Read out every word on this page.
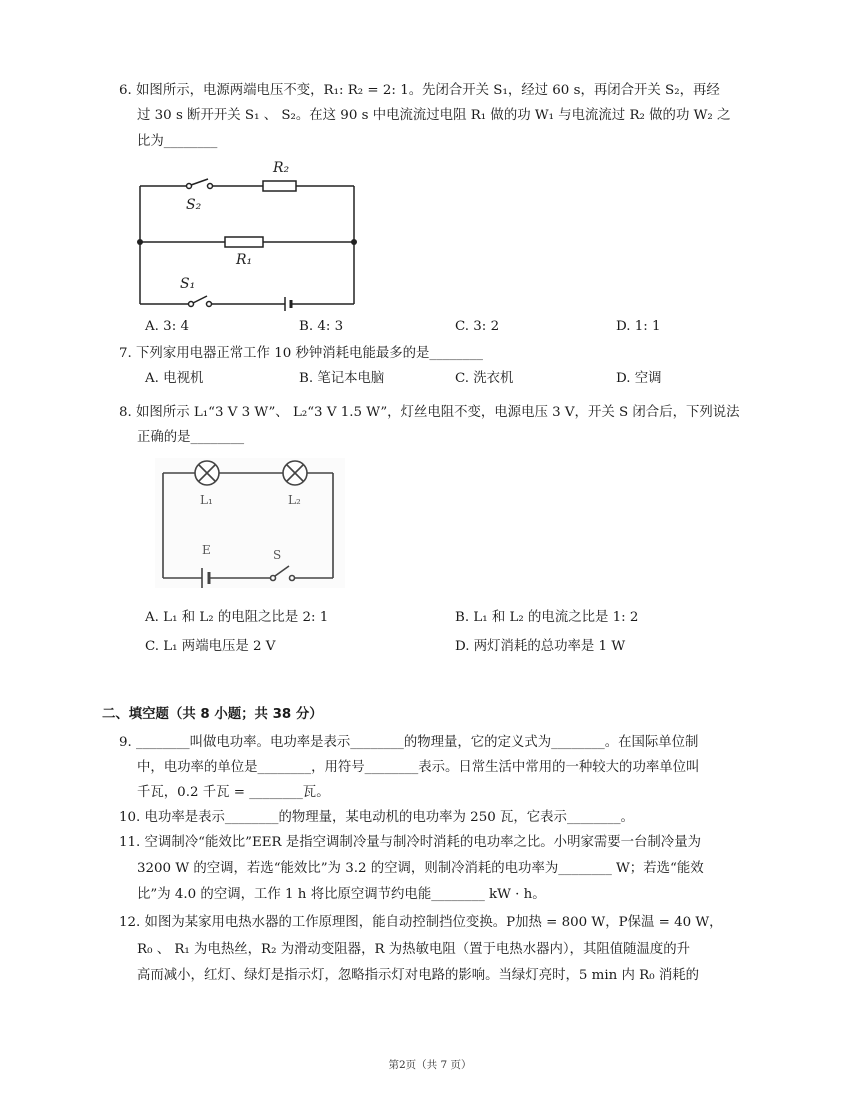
6. 如图所示，电源两端电压不变，R₁: R₂ = 2: 1。先闭合开关 S₁，经过 60 s，再闭合开关 S₂，再经
过 30 s 断开开关 S₁ 、 S₂。在这 90 s 中电流流过电阻 R₁ 做的功 W₁ 与电流流过 R₂ 做的功 W₂ 之
比为________
R₂
S₂
R₁
S₁
A. 3: 4	B. 4: 3	C. 3: 2	D. 1: 1
7. 下列家用电器正常工作 10 秒钟消耗电能最多的是________
A. 电视机	B. 笔记本电脑	C. 洗衣机	D. 空调
8. 如图所示 L₁“3 V 3 W”、 L₂“3 V 1.5 W”，灯丝电阻不变，电源电压 3 V，开关 S 闭合后，下列说法
正确的是________
L₁	L₂
E	S
A. L₁ 和 L₂ 的电阻之比是 2: 1	B. L₁ 和 L₂ 的电流之比是 1: 2
C. L₁ 两端电压是 2 V	D. 两灯消耗的总功率是 1 W
二、填空题（共 8 小题；共 38 分）
9. ________叫做电功率。电功率是表示________的物理量，它的定义式为________。在国际单位制
中，电功率的单位是________，用符号________表示。日常生活中常用的一种较大的功率单位叫
千瓦，0.2 千瓦 = ________瓦。
10. 电功率是表示________的物理量，某电动机的电功率为 250 瓦，它表示________。
11. 空调制冷“能效比”EER 是指空调制冷量与制冷时消耗的电功率之比。小明家需要一台制冷量为
3200 W 的空调，若选“能效比”为 3.2 的空调，则制冷消耗的电功率为________ W；若选“能效
比”为 4.0 的空调，工作 1 h 将比原空调节约电能________ kW · h。
12. 如图为某家用电热水器的工作原理图，能自动控制挡位变换。P加热 = 800 W，P保温 = 40 W，
R₀ 、 R₁ 为电热丝，R₂ 为滑动变阻器，R 为热敏电阻（置于电热水器内），其阻值随温度的升
高而减小，红灯、绿灯是指示灯，忽略指示灯对电路的影响。当绿灯亮时，5 min 内 R₀ 消耗的
第2页（共 7 页）
